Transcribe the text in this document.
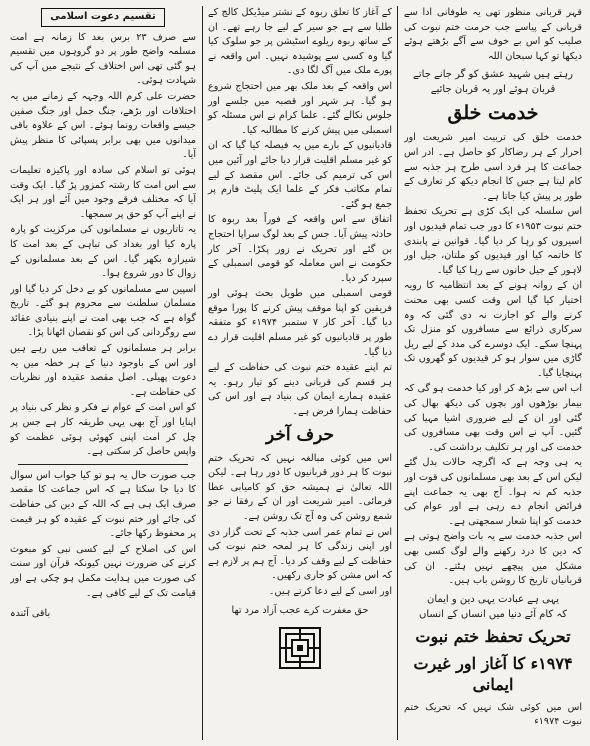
قہر قربانی منظور تھی یہ طوفانی ادا سے قربانی کے پیاسے جب حرمت ختم نبوت کی صلیب کو اس بے خوف سے آگے بڑھتے ہوئے دیکھا تو کہا سبحان اللہ

رہتے ہیں شہید عشق کو گر جانے جاتے
قربان ہوئے اور یہ قربان جائیے
خدمت خلق

خدمت خلق کی تربیت امیر شریعت اور احرار کے ہر رضاکار کو حاصل ہے۔ ادر اس جماعت کا ہر فرد اسی طرح ہر جذبہ سے کام لیتا ہے جس کا انجام دیکھ کر تعارف کے طور پر پیش کیا جاتا ہے۔

اس سلسلہ کی ایک کڑی ہے تحریک تحفظ ختم نبوت ۱۹۵۳ء کا دور جب تمام قیدیوں اور اسیروں کو رہا کر دیا گیا۔ قوانین نے پابندی کا خاتمہ کیا اور قیدیوں کو ملتان، جیل اور لاہور کے جیل خانوں سے رہا کیا گیا۔

ان کے روانہ ہونے کے بعد انتظامیہ کا رویہ اختیار کیا گیا اس وقت کسی بھی محنت کرنے والے کو اجازت نہ دی گئی کہ وہ سرکاری ذرائع سے مسافروں کو منزل تک پہنچا سکے۔ ایک دوسرے کی مدد کے لیے ریل گاڑی میں سوار ہو کر قیدیوں کو گھروں تک پہنچایا گیا۔

اب اس سے بڑھ کر اور کیا خدمت ہو گی کہ بیمار بوڑھوں اور بچوں کی دیکھ بھال کی گئی اور ان کے لیے ضروری اشیا مہیا کی گئیں۔ آپ نے اس وقت بھی مسافروں کی خدمت کی اور ہر تکلیف برداشت کی۔

یہ ہی وجہ ہے کہ اگرچہ حالات بدل گئے لیکن اس کے بعد بھی مسلمانوں کی قوت اور جذبہ کم نہ ہوا۔ آج بھی یہ جماعت اپنے فرائض انجام دے رہی ہے اور عوام کی خدمت کو اپنا شعار سمجھتی ہے۔

اس جذبہ خدمت سے یہ بات واضح ہوتی ہے کہ دین کا درد رکھنے والے لوگ کسی بھی مشکل میں پیچھے نہیں ہٹتے۔ ان کی قربانیاں تاریخ کا روشن باب ہیں۔

یہی ہے عبادت یہی دین و ایمان
کہ کام آئے دنیا میں انساں کے انساں
تحریک تحفظ ختم نبوت
۱۹۷۴ء کا آغاز اور غیرت ایمانی

اس میں کوئی شک نہیں کہ تحریک ختم نبوت ۱۹۷۴ء

کے آغاز کا تعلق ربوہ کے نشتر میڈیکل کالج کے طلبا سے ہے جو سیر کے لیے جا رہے تھے۔ ان کے ساتھ ربوہ ریلوے اسٹیشن پر جو سلوک کیا گیا وہ کسی سے پوشیدہ نہیں۔ اس واقعہ نے پورے ملک میں آگ لگا دی۔

اس واقعہ کے بعد ملک بھر میں احتجاج شروع ہو گیا۔ ہر شہر اور قصبہ میں جلسے اور جلوس نکالے گئے۔ علما کرام نے اس مسئلہ کو اسمبلی میں پیش کرنے کا مطالبہ کیا۔

قادیانیوں کے بارے میں یہ فیصلہ کیا گیا کہ ان کو غیر مسلم اقلیت قرار دیا جائے اور آئین میں اس کی ترمیم کی جائے۔ اس مقصد کے لیے تمام مکاتب فکر کے علما ایک پلیٹ فارم پر جمع ہو گئے۔

اتفاق سے اس واقعہ کے فوراً بعد ربوہ کا حادثہ پیش آیا۔ جس کے بعد لوگ سراپا احتجاج بن گئے اور تحریک نے زور پکڑا۔ آخر کار حکومت نے اس معاملہ کو قومی اسمبلی کے سپرد کر دیا۔

قومی اسمبلی میں طویل بحث ہوئی اور فریقین کو اپنا موقف پیش کرنے کا پورا موقع دیا گیا۔ آخر کار ۷ ستمبر ۱۹۷۴ء کو متفقہ طور پر قادیانیوں کو غیر مسلم اقلیت قرار دے دیا گیا۔

تم اپنے عقیدہ ختم نبوت کی حفاظت کے لیے ہر قسم کی قربانی دینے کو تیار رہو۔ یہ عقیدہ ہمارے ایمان کی بنیاد ہے اور اس کی حفاظت ہمارا فرض ہے۔

حرف آخر

اس میں کوئی مبالغہ نہیں کہ تحریک ختم نبوت کا ہر دور قربانیوں کا دور رہا ہے۔ لیکن اللہ تعالیٰ نے ہمیشہ حق کو کامیابی عطا فرمائی۔ امیر شریعت اور ان کے رفقا نے جو شمع روشن کی وہ آج تک روشن ہے۔

اس نے تمام عمر اسی جذبہ کے تحت گزار دی اور اپنی زندگی کا ہر لمحہ ختم نبوت کی حفاظت کے لیے وقف کر دیا۔ آج ہم پر لازم ہے کہ اس مشن کو جاری رکھیں۔

اور اسی کے لیے دعا کرتے ہیں۔

حق مغفرت کرے عجب آزاد مرد تھا
تقسیم دعوت اسلامی

سے صرف ۲۳ برس بعد کا زمانہ ہے امت مسلمہ واضح طور پر دو گروہوں میں تقسیم ہو گئی تھی اس اختلاف کے نتیجے میں آپ کی شہادت ہوئی۔

حضرت علی کرم اللہ وجہہ کے زمانے میں یہ اختلافات اور بڑھے، جنگ جمل اور جنگ صفین جیسے واقعات رونما ہوئے۔ اس کے علاوہ باقی میدانوں میں بھی برابر پسپائی کا منظر پیش آیا۔

ہوئی تو اسلام کی سادہ اور پاکیزہ تعلیمات سے اس امت کا رشتہ کمزور پڑ گیا۔ ایک وقت آیا کہ مختلف فرقے وجود میں آئے اور ہر ایک نے اپنے آپ کو حق پر سمجھا۔

یہ تاتاریوں نے مسلمانوں کی مرکزیت کو پارہ پارہ کیا اور بغداد کی تباہی کے بعد امت کا شیرازہ بکھر گیا۔ اس کے بعد مسلمانوں کے زوال کا دور شروع ہوا۔

اسپین سے مسلمانوں کو بے دخل کر دیا گیا اور مسلمان سلطنت سے محروم ہو گئے۔ تاریخ گواہ ہے کہ جب بھی امت نے اپنے بنیادی عقائد سے روگردانی کی اس کو نقصان اٹھانا پڑا۔

برابر ہر مسلمانوں کے تعاقب میں رہے ہیں اور اس کے باوجود دنیا کے ہر خطہ میں یہ دعوت پھیلی۔ اصل مقصد عقیدہ اور نظریات کی حفاظت ہے۔

کو اس امت کے عوام نے فکر و نظر کی بنیاد پر اپنایا اور آج بھی یہی طریقہ کار ہے جس پر چل کر امت اپنی کھوئی ہوئی عظمت کو واپس حاصل کر سکتی ہے۔

جب صورت حال یہ ہو تو کیا جواب اس سوال کا دیا جا سکتا ہے کہ اس جماعت کا مقصد صرف ایک ہی ہے کہ اللہ کے دین کی حفاظت کی جائے اور ختم نبوت کے عقیدہ کو ہر قیمت پر محفوظ رکھا جائے۔

اس کی اصلاح کے لیے کسی نبی کو مبعوث کرنے کی ضرورت نہیں کیونکہ قرآن اور سنت کی صورت میں ہدایت مکمل ہو چکی ہے اور قیامت تک کے لیے کافی ہے۔

باقی آئندہ
